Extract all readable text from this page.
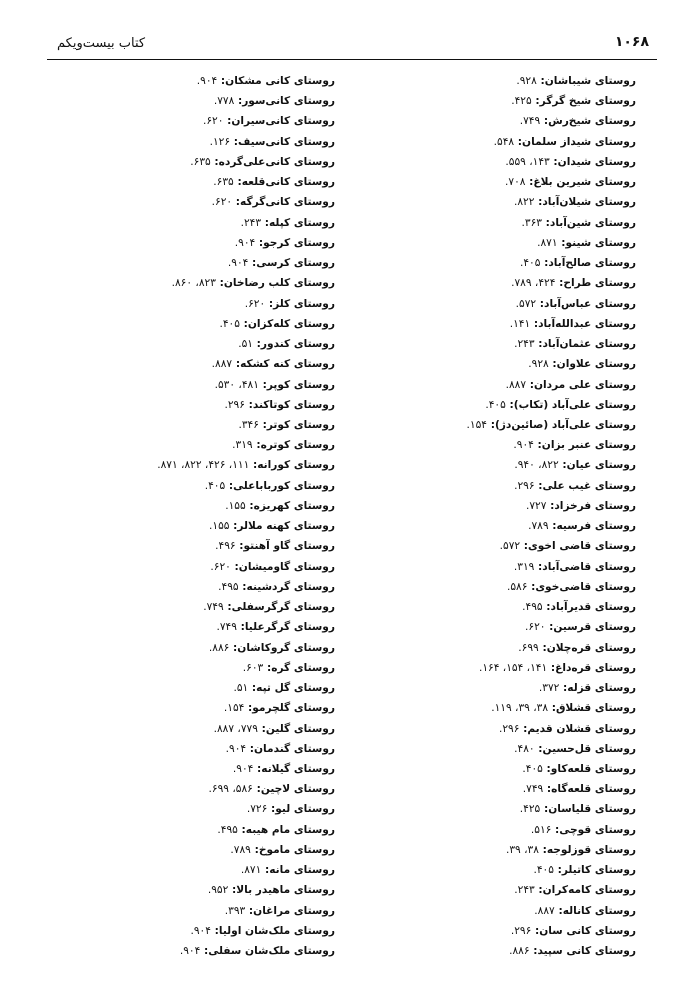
کتاب بیست‌ویکم	۱۰۶۸
روستای شیباشان: ۹۲۸.
روستای شیخ گرگر: ۴۲۵.
روستای شیخ‌رش: ۷۴۹.
روستای شیداز سلمان: ۵۴۸.
روستای شیدان: ۱۴۳، ۵۵۹.
روستای شیرین بلاغ: ۷۰۸.
روستای شیلان‌آباد: ۸۲۲.
روستای شین‌آباد: ۳۶۳.
روستای شینو: ۸۷۱.
روستای صالح‌آباد: ۴۰۵.
روستای طراح: ۴۲۴، ۷۸۹.
روستای عباس‌آباد: ۵۷۲.
روستای عبدالله‌آباد: ۱۴۱.
روستای عثمان‌آباد: ۲۴۳.
روستای علاوان: ۹۲۸.
روستای علی مردان: ۸۸۷.
روستای علی‌آباد (تکاب): ۴۰۵.
روستای علی‌آباد (صائین‌دژ): ۱۵۴.
روستای عنبر بزان: ۹۰۴.
روستای عیان: ۸۲۲، ۹۴۰.
روستای غیب علی: ۲۹۶.
روستای فرخزاد: ۷۲۷.
روستای فرسیه: ۷۸۹.
روستای قاضی اخوی: ۵۷۲.
روستای قاضی‌آباد: ۳۱۹.
روستای قاضی‌خوی: ۵۸۶.
روستای قدیرآباد: ۴۹۵.
روستای قرسین: ۶۲۰.
روستای قره‌چلان: ۶۹۹.
روستای قره‌داغ: ۱۴۱، ۱۵۴، ۱۶۴.
روستای قزله: ۳۷۲.
روستای قشلاق: ۳۸، ۳۹، ۱۱۹.
روستای قشلان قدیم: ۲۹۶.
روستای قل‌حسین: ۴۸۰.
روستای قلعه‌کاو: ۴۰۵.
روستای قلعه‌گاه: ۷۴۹.
روستای قلیاسان: ۴۲۵.
روستای قوچی: ۵۱۶.
روستای قوزلوجه: ۳۸، ۳۹.
روستای کاتیلر: ۴۰۵.
روستای کامه‌کران: ۲۴۳.
روستای کاناله: ۸۸۷.
روستای کانی سان: ۲۹۶.
روستای کانی سپید: ۸۸۶.
روستای کانی مشکان: ۹۰۴.
روستای کانی‌سور: ۷۷۸.
روستای کانی‌سیران: ۶۲۰.
روستای کانی‌سیف: ۱۲۶.
روستای کانی‌علی‌گرده: ۶۳۵.
روستای کانی‌قلعه: ۶۳۵.
روستای کانی‌گرگه: ۶۲۰.
روستای کپله: ۲۴۳.
روستای کرجو: ۹۰۴.
روستای کرسی: ۹۰۴.
روستای کلب رضاخان: ۸۲۳، ۸۶۰.
روستای کلز: ۶۲۰.
روستای کله‌کزان: ۴۰۵.
روستای کندور: ۵۱.
روستای کنه کشکه: ۸۸۷.
روستای کوپر: ۴۸۱، ۵۳۰.
روستای کوتاکند: ۲۹۶.
روستای کوتر: ۳۴۶.
روستای کوتره: ۳۱۹.
روستای کورانه: ۱۱۱، ۴۲۶، ۸۲۲، ۸۷۱.
روستای کوربابا‌علی: ۴۰۵.
روستای کهریزه: ۱۵۵.
روستای کهنه ملالر: ۱۵۵.
روستای گاو آهنتو: ۴۹۶.
روستای گاومیشان: ۶۲۰.
روستای گردشینه: ۴۹۵.
روستای گرگرسفلی: ۷۴۹.
روستای گرگرعلیا: ۷۴۹.
روستای گروکاشان: ۸۸۶.
روستای گره: ۶۰۳.
روستای گل تپه: ۵۱.
روستای گلچرمو: ۱۵۴.
روستای گلین: ۷۷۹، ۸۸۷.
روستای گندمان: ۹۰۴.
روستای گیلانه: ۹۰۴.
روستای لاچین: ۵۸۶، ۶۹۹.
روستای لیو: ۷۲۶.
روستای مام هیبه: ۴۹۵.
روستای ماموخ: ۷۸۹.
روستای مانه: ۸۷۱.
روستای ماهیدر بالا: ۹۵۲.
روستای مراغان: ۳۹۳.
روستای ملک‌شان اولیا: ۹۰۴.
روستای ملک‌شان سفلی: ۹۰۴.
